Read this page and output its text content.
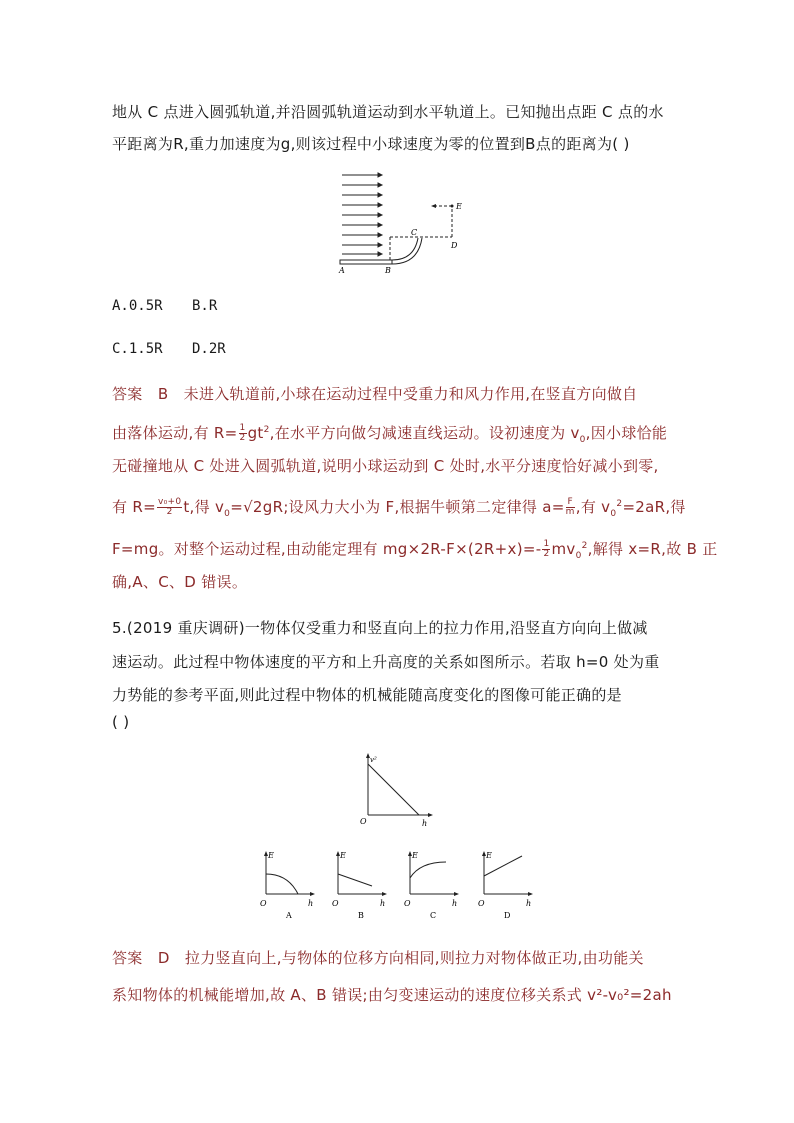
地从 C 点进入圆弧轨道,并沿圆弧轨道运动到水平轨道上。已知抛出点距 C 点的水
平距离为R,重力加速度为g,则该过程中小球速度为零的位置到B点的距离为( )
A	B
C
D
E
A.0.5R B.R
C.1.5R D.2R
答案 B 未进入轨道前,小球在运动过程中受重力和风力作用,在竖直方向做自
由落体运动,有 $R= \frac{1}{2} gt^2$,在水平方向做匀减速直线运动。设初速度为 $v_0$,因小球恰能
无碰撞地从 C 处进入圆弧轨道,说明小球运动到 C 处时,水平分速度恰好减小到零,
有 $R= \frac{\text{v₀+0}}{2} t$,得 $v_0=√2gR$;设风力大小为 F,根据牛顿第二定律得 $a= \frac{F}{m}$ ,有 $v_0^2=2aR$,得
F=mg。对整个运动过程,由动能定理有 $mg\times 2R-F\times(2R+x)=- \frac{1}{2} mv_0^2$,解得 x=R,故 B 正
确,A、C、D 错误。
5.(2019 重庆调研)一物体仅受重力和竖直向上的拉力作用,沿竖直方向向上做减
速运动。此过程中物体速度的平方和上升高度的关系如图所示。若取 h=0 处为重
力势能的参考平面,则此过程中物体的机械能随高度变化的图像可能正确的是
( )
v²
O	h
E
O	h
A
E
O	h
B
E
O	h
C
E
O	h
D
答案 D 拉力竖直向上,与物体的位移方向相同,则拉力对物体做正功,由功能关
系知物体的机械能增加,故 A、B 错误;由匀变速运动的速度位移关系式 v²-v₀²=2ah
